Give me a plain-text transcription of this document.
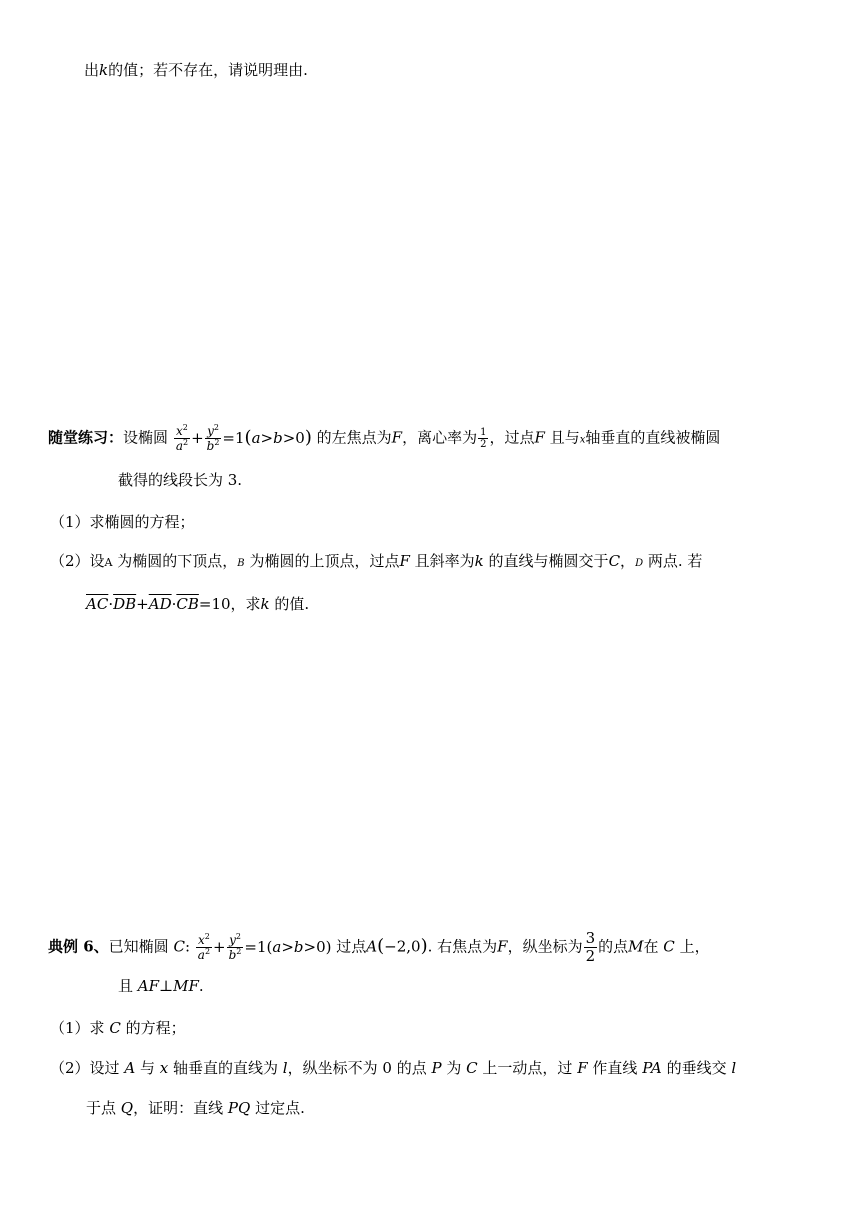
出k的值；若不存在，请说明理由.
随堂练习：设椭圆 $\frac{x^2}{a^2} + \frac{y^2}{b^2} =1(a>b>0)$ 的左焦点为F，离心率为 $\frac{1}{2}$ ，过点F 且与x轴垂直的直线被椭圆
截得的线段长为 3.
（1）求椭圆的方程；
（2）设A 为椭圆的下顶点，B 为椭圆的上顶点，过点F 且斜率为k 的直线与椭圆交于C，D 两点. 若
$\overline{AC}\cdot\overline{DB}+\overline{AD}\cdot\overline{CB}=10$，求k 的值.
典例 6、已知椭圆 C: $\frac{x^2}{a^2} + \frac{y^2}{b^2} =1(a>b>0)$ 过点A(−2,0). 右焦点为F，纵坐标为 $\frac{3}{2}$ 的点M在 C 上，
且 AF⊥MF.
（1）求 C 的方程；
（2）设过 A 与 x 轴垂直的直线为 l，纵坐标不为 0 的点 P 为 C 上一动点，过 F 作直线 PA 的垂线交 l
于点 Q，证明：直线 PQ 过定点.
